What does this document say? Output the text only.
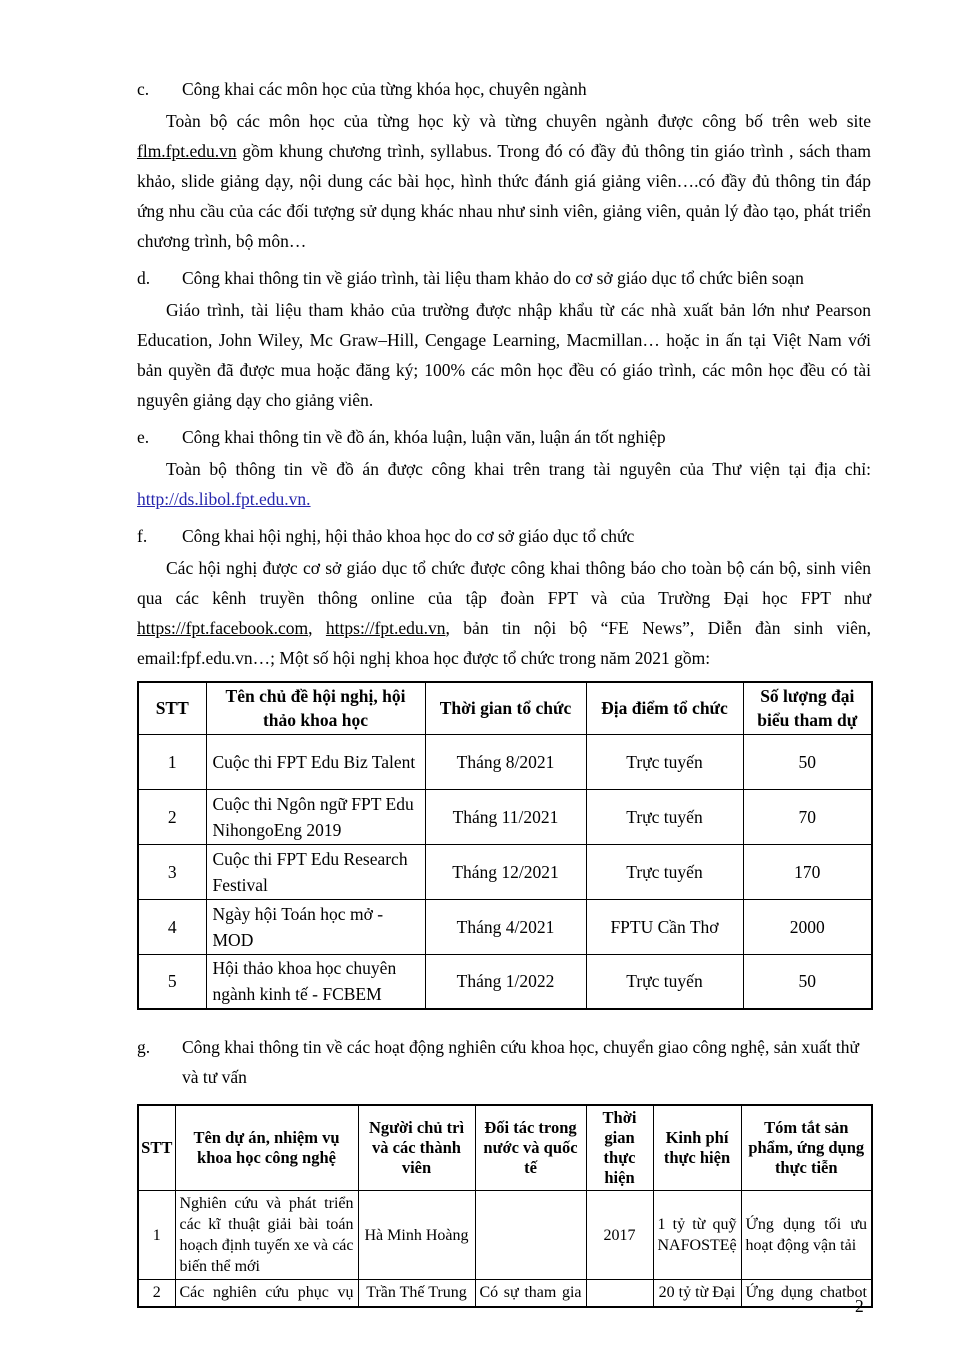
c.	Công khai các môn học của từng khóa học, chuyên ngành

Toàn bộ các môn học của từng học kỳ và từng chuyên ngành được công bố trên web site flm.fpt.edu.vn gồm khung chương trình, syllabus. Trong đó có đầy đủ thông tin giáo trình , sách tham khảo, slide giảng dạy, nội dung các bài học, hình thức đánh giá giảng viên….có đầy đủ thông tin đáp ứng nhu cầu của các đối tượng sử dụng khác nhau như sinh viên, giảng viên, quản lý đào tạo, phát triển chương trình, bộ môn…

d.	Công khai thông tin về giáo trình, tài liệu tham khảo do cơ sở giáo dục tổ chức biên soạn

Giáo trình, tài liệu tham khảo của trường được nhập khẩu từ các nhà xuất bản lớn như Pearson Education, John Wiley, Mc Graw–Hill, Cengage Learning, Macmillan… hoặc in ấn tại Việt Nam với bản quyền đã được mua hoặc đăng ký; 100% các môn học đều có giáo trình, các môn học đều có tài nguyên giảng dạy cho giảng viên.

e.	Công khai thông tin về đồ án, khóa luận, luận văn, luận án tốt nghiệp

Toàn bộ thông tin về đồ án được công khai trên trang tài nguyên của Thư viện tại địa chỉ: http://ds.libol.fpt.edu.vn.

f.	Công khai hội nghị, hội thảo khoa học do cơ sở giáo dục tổ chức

Các hội nghị được cơ sở giáo dục tổ chức được công khai thông báo cho toàn bộ cán bộ, sinh viên qua các kênh truyền thông online của tập đoàn FPT và của Trường Đại học FPT như https://fpt.facebook.com, https://fpt.edu.vn, bản tin nội bộ “FE News”, Diễn đàn sinh viên, email:fpf.edu.vn…; Một số hội nghị khoa học được tổ chức trong năm 2021 gồm:

STT	Tên chủ đề hội nghị, hội thảo khoa học	Thời gian tổ chức	Địa điểm tổ chức	Số lượng đại biểu tham dự
1	Cuộc thi FPT Edu Biz Talent	Tháng 8/2021	Trực tuyến	50
2	Cuộc thi Ngôn ngữ FPT Edu NihongoEng 2019	Tháng 11/2021	Trực tuyến	70
3	Cuộc thi FPT Edu Research Festival	Tháng 12/2021	Trực tuyến	170
4	Ngày hội Toán học mở - MOD	Tháng 4/2021	FPTU Cần Thơ	2000
5	Hội thảo khoa học chuyên ngành kinh tế - FCBEM	Tháng 1/2022	Trực tuyến	50
g.	Công khai thông tin về các hoạt động nghiên cứu khoa học, chuyển giao công nghệ, sản xuất thử và tư vấn
STT	Tên dự án, nhiệm vụ khoa học công nghệ	Người chủ trì và các thành viên	Đối tác trong nước và quốc tế	Thời gian thực hiện	Kinh phí thực hiện	Tóm tắt sản phẩm, ứng dụng thực tiễn
1	Nghiên cứu và phát triển các kĩ thuật giải bài toán hoạch định tuyến xe và các biến thể mới	Hà Minh Hoàng		2017	1 tỷ từ quỹ NAFOSTEệ	Ứng dụng tối ưu hoạt động vận tải
2	Các nghiên cứu phục vụ	Trần Thế Trung	Có sự tham gia		20 tỷ từ Đại	Ứng dụng chatbot
2
